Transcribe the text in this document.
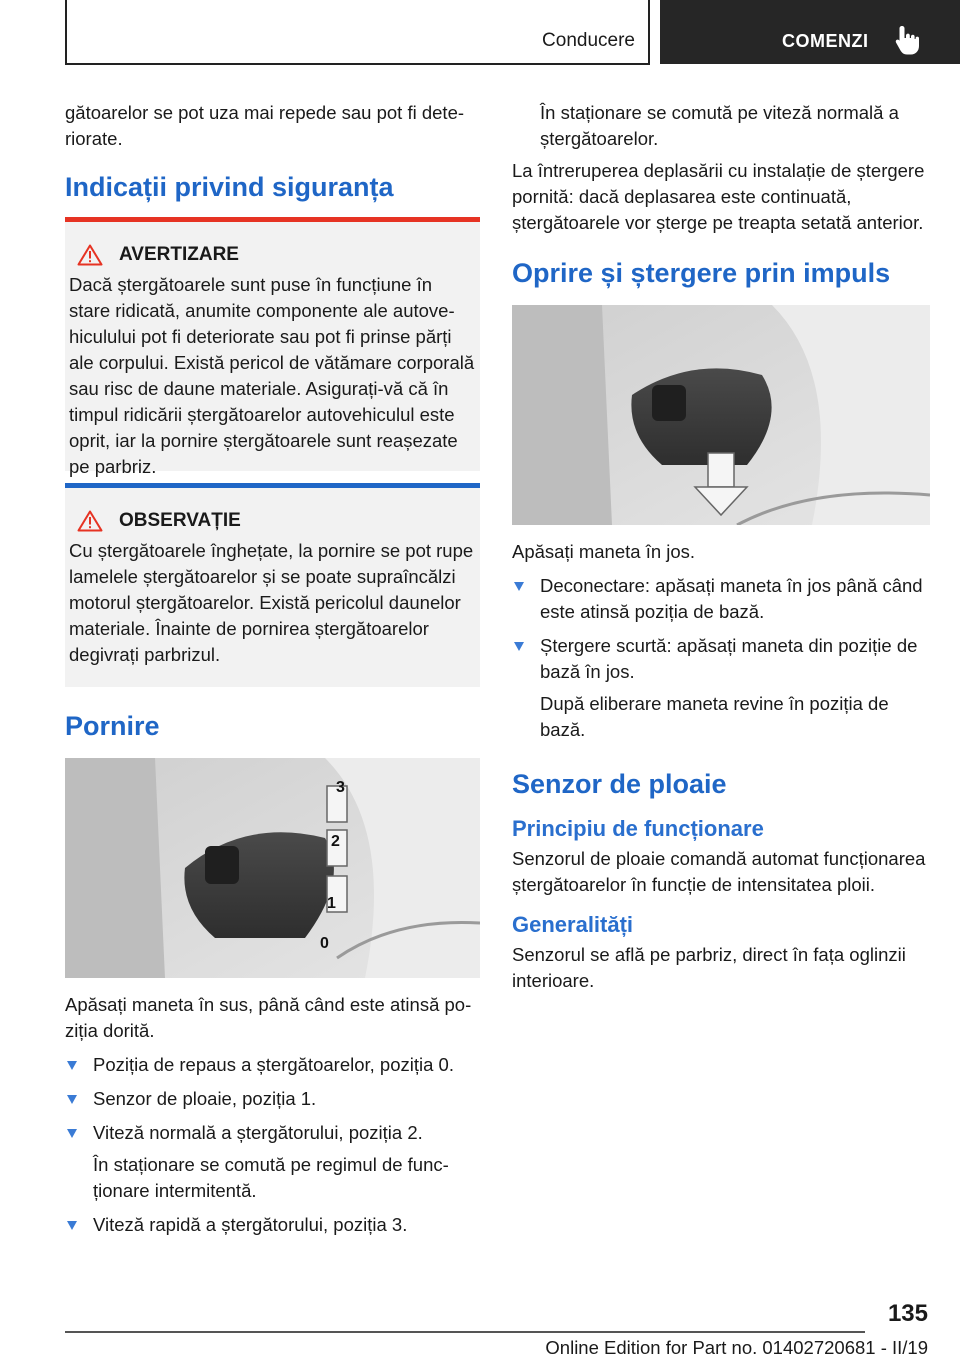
Conducere	COMENZI

gătoarelor se pot uza mai repede sau pot fi deteriorate.

Indicații privind siguranța
AVERTIZARE

Dacă ștergătoarele sunt puse în funcțiune în stare ridicată, anumite componente ale autovehiculului pot fi deteriorate sau pot fi prinse părți ale corpului. Există pericol de vătămare corporală sau risc de daune materiale. Asigurați-vă că în timpul ridicării ștergătoarelor autovehiculul este oprit, iar la pornire ștergătoarele sunt reașezate pe parbriz.

OBSERVAȚIE

Cu ștergătoarele înghețate, la pornire se pot rupe lamelele ștergătoarelor și se poate supraîncălzi motorul ștergătoarelor. Există pericolul daunelor materiale. Înainte de pornirea ștergătoarelor degivrați parbrizul.

Pornire
3
2
1
0

Apăsați maneta în sus, până când este atinsă poziția dorită.

Poziția de repaus a ștergătoarelor, poziția 0.
Senzor de ploaie, poziția 1.
Viteză normală a ștergătorului, poziția 2.
În staționare se comută pe regimul de funcționare intermitentă.
Viteză rapidă a ștergătorului, poziția 3.
În staționare se comută pe viteză normală a ștergătoarelor.

La întreruperea deplasării cu instalație de ștergere pornită: dacă deplasarea este continuată, ștergătoarele vor șterge pe treapta setată anterior.

Oprire și ștergere prin impuls

Apăsați maneta în jos.

Deconectare: apăsați maneta în jos până când este atinsă poziția de bază.
Ștergere scurtă: apăsați maneta din poziție de bază în jos.
După eliberare maneta revine în poziția de bază.
Senzor de ploaie
Principiu de funcționare

Senzorul de ploaie comandă automat funcționarea ștergătoarelor în funcție de intensitatea ploii.

Generalități

Senzorul se află pe parbriz, direct în fața oglinzii interioare.

135
Online Edition for Part no. 01402720681 - II/19
